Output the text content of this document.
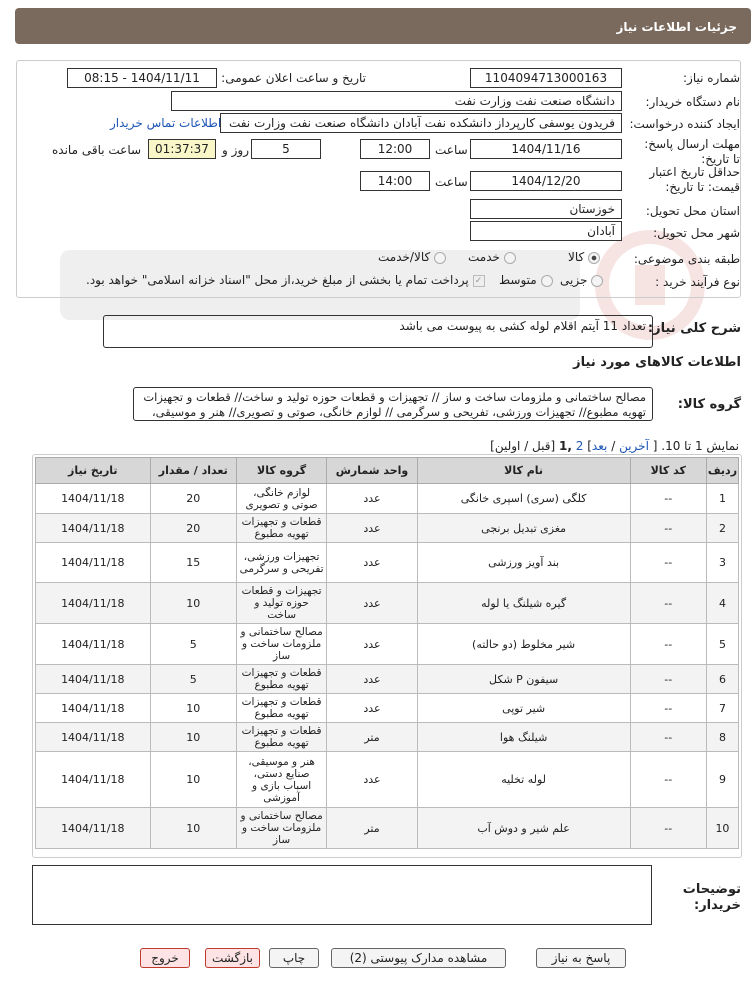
جزئیات اطلاعات نیاز
شماره نیاز:
1104094713000163
تاریخ و ساعت اعلان عمومی:
1404/11/11 - 08:15
نام دستگاه خریدار:
دانشگاه صنعت نفت وزارت نفت
ایجاد کننده درخواست:
فریدون یوسفی کارپرداز دانشکده نفت آبادان دانشگاه صنعت نفت وزارت نفت
اطلاعات تماس خریدار
مهلت ارسال پاسخ: تا تاریخ:
1404/11/16
ساعت
12:00
5
روز و
01:37:37
ساعت باقی مانده
حداقل تاریخ اعتبار قیمت: تا تاریخ:
1404/12/20
ساعت
14:00
استان محل تحویل:
خوزستان
شهر محل تحویل:
آبادان
طبقه بندی موضوعی:
کالا
خدمت
کالا/خدمت
نوع فرآیند خرید :
جزیی
متوسط
✓ پرداخت تمام یا بخشی از مبلغ خرید،از محل "اسناد خزانه اسلامی" خواهد بود.
شرح کلی نیاز:
تعداد 11 آیتم اقلام لوله کشی به پیوست می باشد
اطلاعات کالاهای مورد نیاز
گروه کالا:
مصالح ساختمانی و ملزومات ساخت و ساز // تجهیزات و قطعات حوزه تولید و ساخت// قطعات و تجهیزات تهویه مطبوع// تجهیزات ورزشی، تفریحی و سرگرمی // لوازم خانگی، صوتی و تصویری// هنر و موسیقی،
نمایش 1 تا 10. [ آخرین / بعد] 2 ,1 [قبل / اولین]
ردیف	کد کالا	نام کالا	واحد شمارش	گروه کالا	تعداد / مقدار	تاریخ نیاز
1	--	کلگی (سری) اسپری خانگی	عدد	لوازم خانگی، صوتی و تصویری	20	1404/11/18
2	--	مغزی تبدیل برنجی	عدد	قطعات و تجهیزات تهویه مطبوع	20	1404/11/18
3	--	بند آویز ورزشی	عدد	تجهیزات ورزشی، تفریحی و سرگرمی	15	1404/11/18
4	--	گیره شیلنگ یا لوله	عدد	تجهیزات و قطعات حوزه تولید و ساخت	10	1404/11/18
5	--	شیر مخلوط (دو حالته)	عدد	مصالح ساختمانی و ملزومات ساخت و ساز	5	1404/11/18
6	--	سیفون P شکل	عدد	قطعات و تجهیزات تهویه مطبوع	5	1404/11/18
7	--	شیر توپی	عدد	قطعات و تجهیزات تهویه مطبوع	10	1404/11/18
8	--	شیلنگ هوا	متر	قطعات و تجهیزات تهویه مطبوع	10	1404/11/18
9	--	لوله تخلیه	عدد	هنر و موسیقی، صنایع دستی، اسباب بازی و آموزشی	10	1404/11/18
10	--	علم شیر و دوش آب	متر	مصالح ساختمانی و ملزومات ساخت و ساز	10	1404/11/18
توضیحات خریدار:
پاسخ به نیاز
مشاهده مدارک پیوستی (2)
چاپ
بازگشت
خروج
